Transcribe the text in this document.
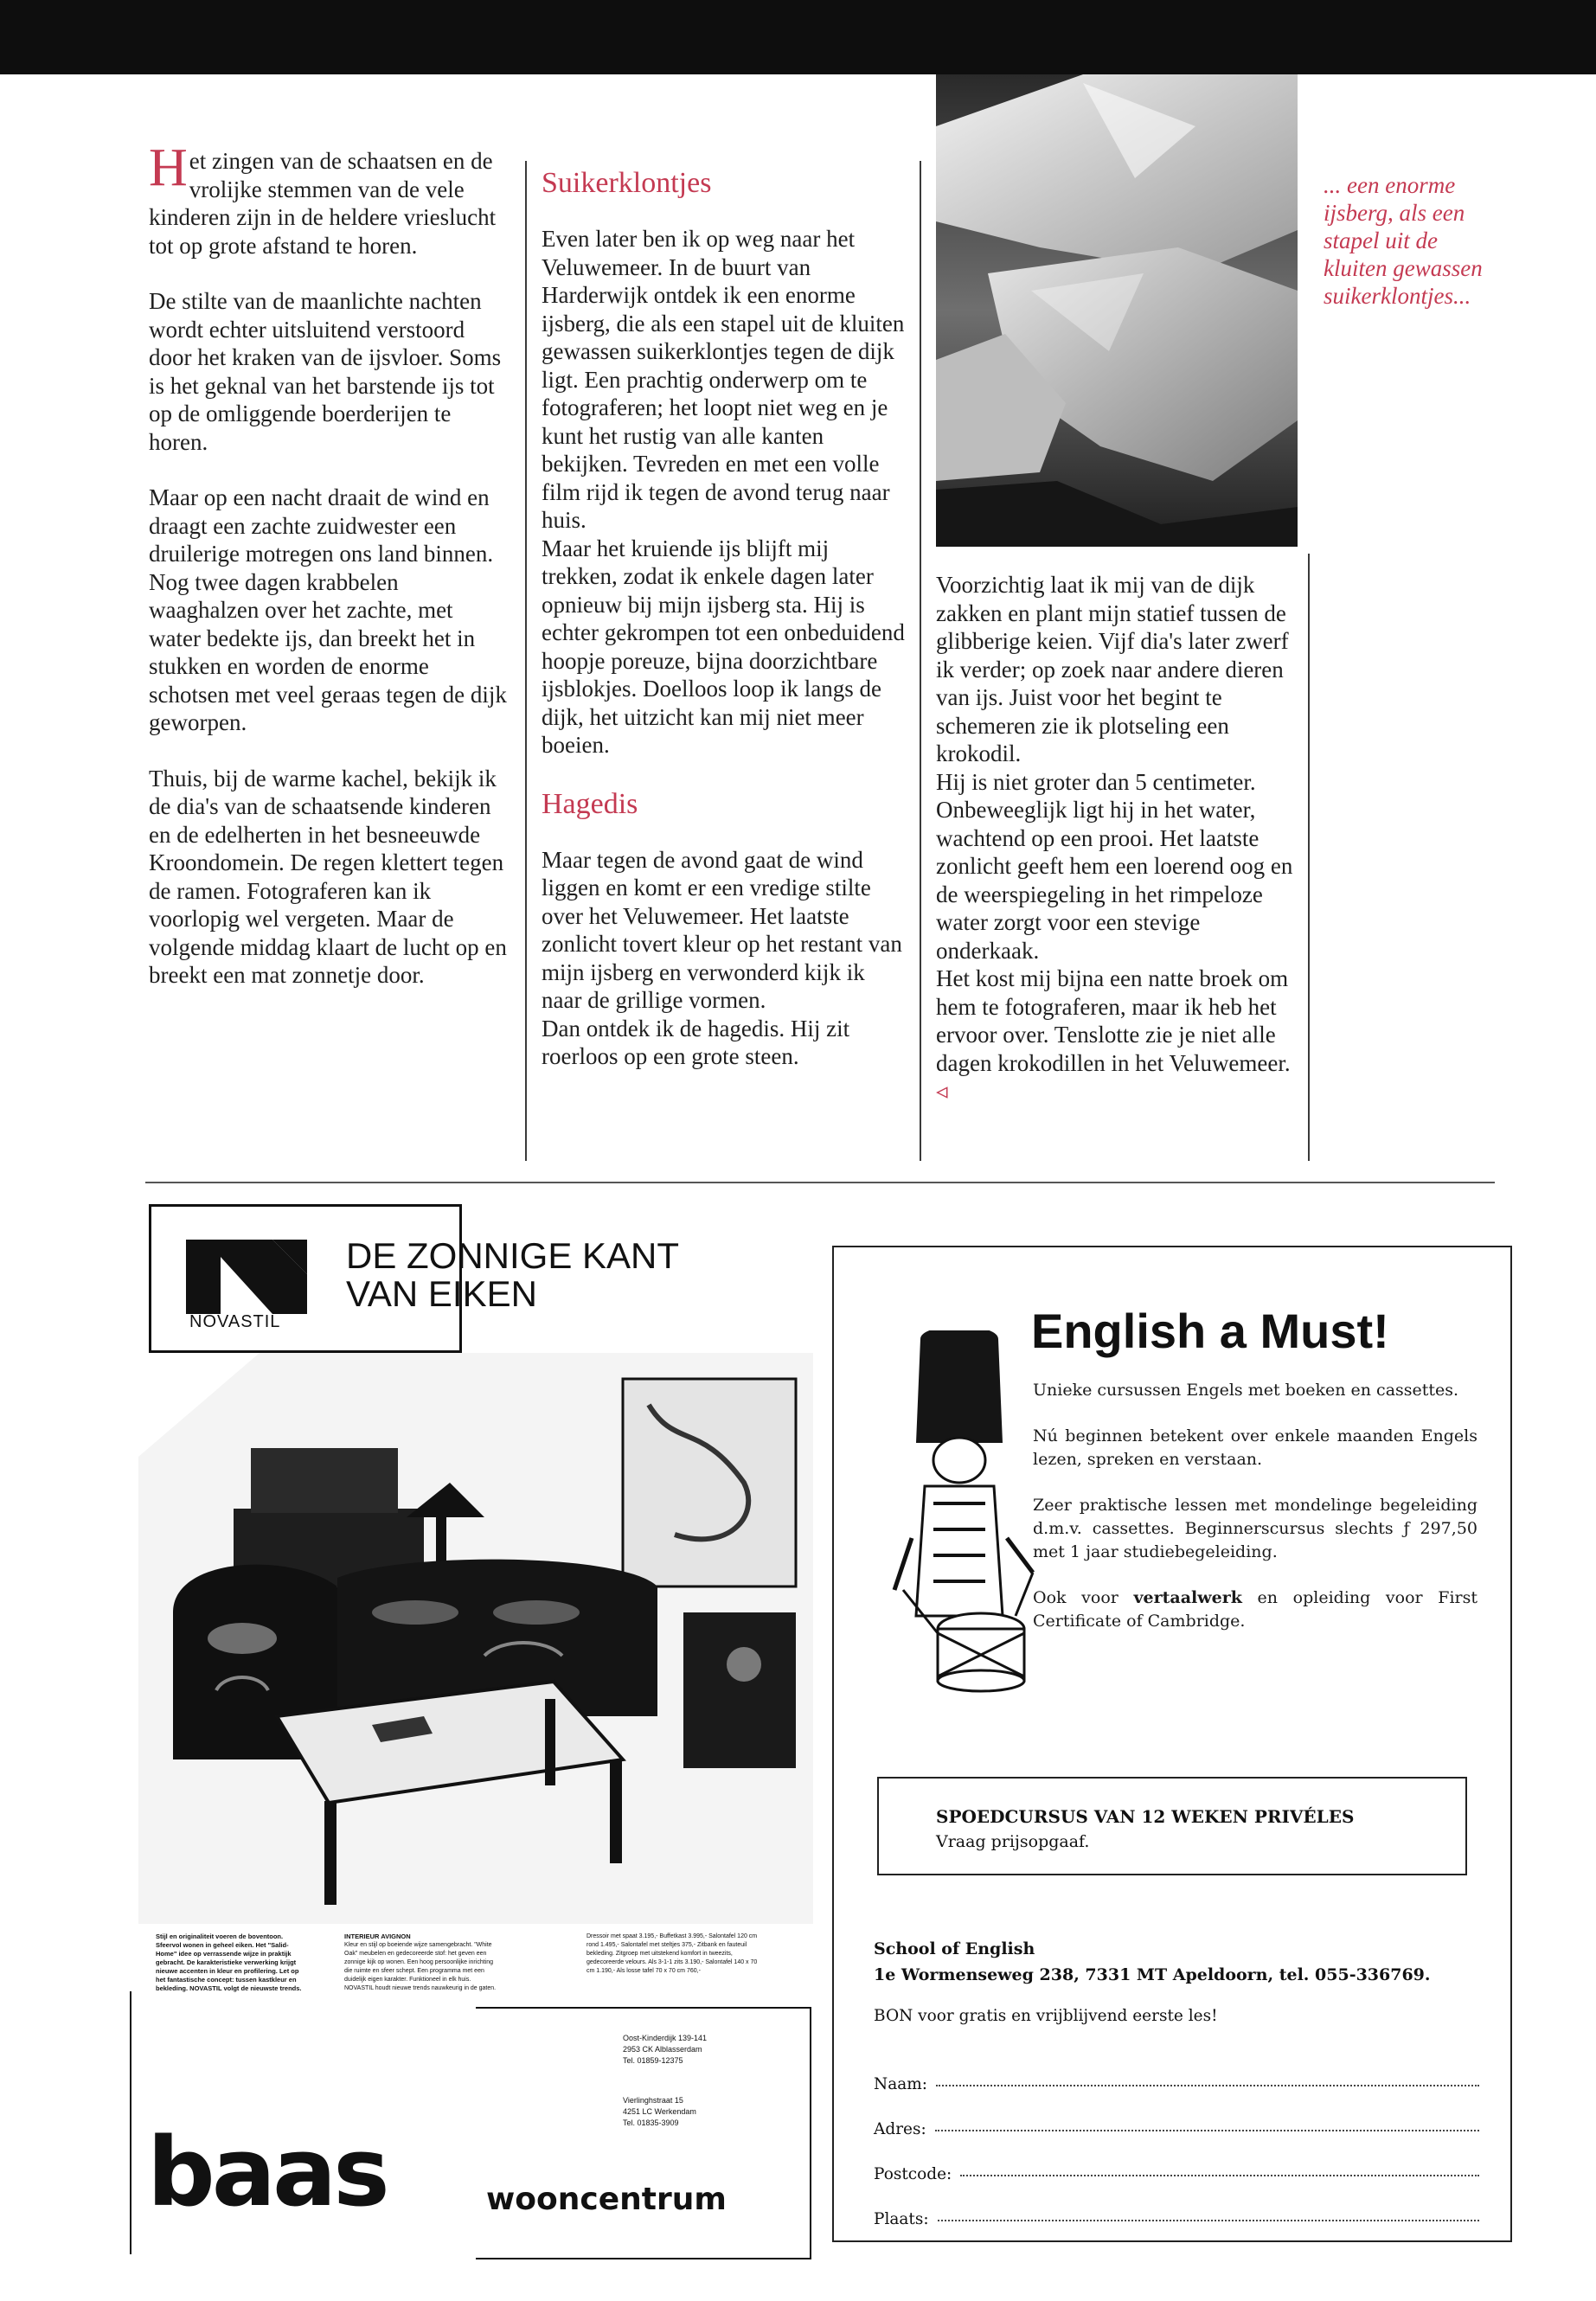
Het zingen van de schaatsen en de vrolijke stemmen van de vele kinderen zijn in de heldere vrieslucht tot op grote afstand te horen.

De stilte van de maanlichte nachten wordt echter uitsluitend verstoord door het kraken van de ijsvloer. Soms is het geknal van het barstende ijs tot op de omliggende boerderijen te horen.

Maar op een nacht draait de wind en draagt een zachte zuidwester een druilerige motregen ons land binnen. Nog twee dagen krabbelen waaghalzen over het zachte, met water bedekte ijs, dan breekt het in stukken en worden de enorme schotsen met veel geraas tegen de dijk geworpen.

Thuis, bij de warme kachel, bekijk ik de dia's van de schaatsende kinderen en de edelherten in het besneeuwde Kroondomein. De regen klettert tegen de ramen. Fotograferen kan ik voorlopig wel vergeten. Maar de volgende middag klaart de lucht op en breekt een mat zonnetje door.

Suikerklontjes

Even later ben ik op weg naar het Veluwemeer. In de buurt van Harderwijk ontdek ik een enorme ijsberg, die als een stapel uit de kluiten gewassen suikerklontjes tegen de dijk ligt. Een prachtig onderwerp om te fotograferen; het loopt niet weg en je kunt het rustig van alle kanten bekijken. Tevreden en met een volle film rijd ik tegen de avond terug naar huis.

Maar het kruiende ijs blijft mij trekken, zodat ik enkele dagen later opnieuw bij mijn ijsberg sta. Hij is echter gekrompen tot een onbeduidend hoopje poreuze, bijna doorzichtbare ijsblokjes. Doelloos loop ik langs de dijk, het uitzicht kan mij niet meer boeien.

Hagedis

Maar tegen de avond gaat de wind liggen en komt er een vredige stilte over het Veluwemeer. Het laatste zonlicht tovert kleur op het restant van mijn ijsberg en verwonderd kijk ik naar de grillige vormen.

Dan ontdek ik de hagedis. Hij zit roerloos op een grote steen.

... een enorme ijsberg, als een stapel uit de kluiten gewassen suikerklontjes...

Voorzichtig laat ik mij van de dijk zakken en plant mijn statief tussen de glibberige keien. Vijf dia's later zwerf ik verder; op zoek naar andere dieren van ijs. Juist voor het begint te schemeren zie ik plotseling een krokodil.

Hij is niet groter dan 5 centimeter. Onbeweeglijk ligt hij in het water, wachtend op een prooi. Het laatste zonlicht geeft hem een loerend oog en de weerspiegeling in het rimpeloze water zorgt voor een stevige onderkaak.

Het kost mij bijna een natte broek om hem te fotograferen, maar ik heb het ervoor over. Tenslotte zie je niet alle dagen krokodillen in het Veluwemeer. ◃

NOVASTIL
DE ZONNIGE KANT
VAN EIKEN
Stijl en originaliteit voeren de boventoon. Sfeervol wonen in geheel eiken. Het "Salid-Home" idee op verrassende wijze in praktijk gebracht. De karakteristieke verwerking krijgt nieuwe accenten in kleur en profilering. Let op het fantastische concept: tussen kastkleur en bekleding. NOVASTIL volgt de nieuwste trends.
INTERIEUR AVIGNON
Kleur en stijl op boeiende wijze samengebracht. "White Oak" meubelen en gedecoreerde stof: het geven een zonnige kijk op wonen. Een hoog persoonlijke inrichting die ruimte en sfeer schept. Een programma met een duidelijk eigen karakter. Funktioneel in elk huis. NOVASTIL houdt nieuwe trends nauwkeurig in de gaten.
Dressoir met spaat 3.195,- Buffetkast 3.995,- Salontafel 120 cm rond 1.495,- Salontafel met steltjes 375,- Zitbank en fauteuil bekleding. Zitgroep met uitstekend komfort in tweezits, gedecoreerde velours. Als 3-1-1 zits 3.190,- Salontafel 140 x 70 cm 1.190,- Als losse tafel 70 x 70 cm 760,-
Oost-Kinderdijk 139-141
2953 CK Alblasserdam
Tel. 01859-12375
Vierlinghstraat 15
4251 LC Werkendam
Tel. 01835-3909
baas	wooncentrum
English a Must!

Unieke cursussen Engels met boeken en cassettes.

Nú beginnen betekent over enkele maanden Engels lezen, spreken en verstaan.

Zeer praktische lessen met mondelinge begeleiding d.m.v. cassettes. Beginnerscursus slechts ƒ 297,50 met 1 jaar studiebegeleiding.

Ook voor vertaalwerk en opleiding voor First Certificate of Cambridge.

SPOEDCURSUS VAN 12 WEKEN PRIVÉLES
Vraag prijsopgaaf.
School of English
1e Wormenseweg 238, 7331 MT Apeldoorn, tel. 055-336769.
BON voor gratis en vrijblijvend eerste les!
Naam:
Adres:
Postcode:
Plaats:
